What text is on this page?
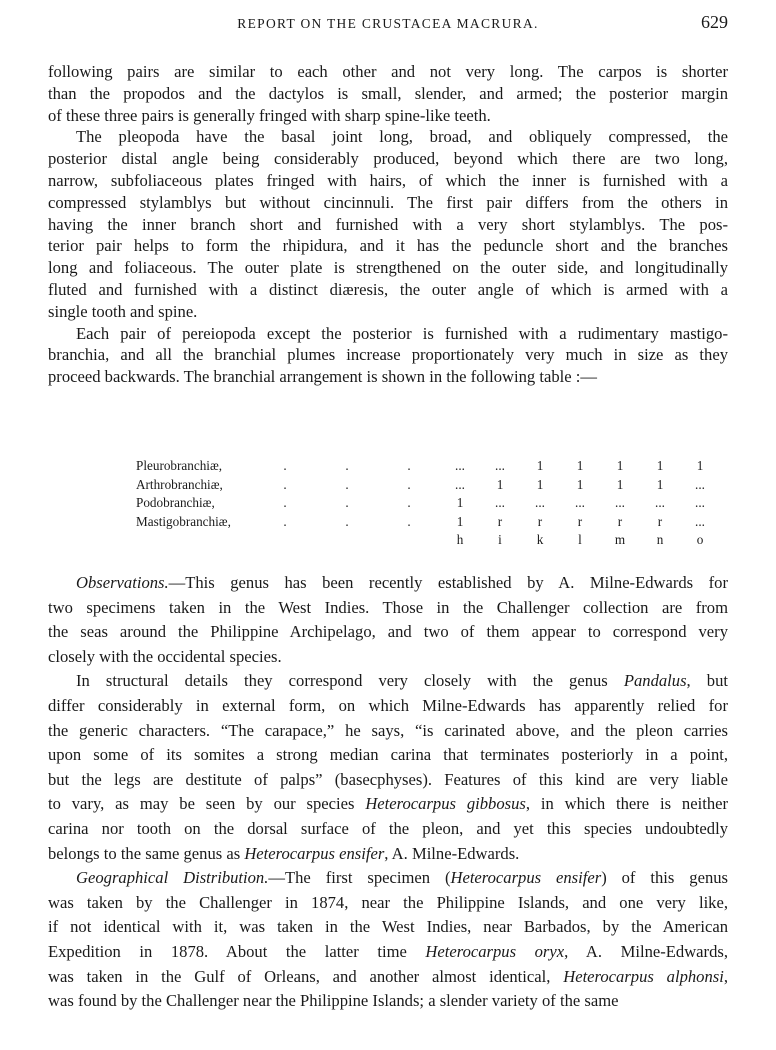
REPORT ON THE CRUSTACEA MACRURA.	629
following pairs are similar to each other and not very long. The carpos is shorter
than the propodos and the dactylos is small, slender, and armed; the posterior margin
of these three pairs is generally fringed with sharp spine-like teeth.
The pleopoda have the basal joint long, broad, and obliquely compressed, the
posterior distal angle being considerably produced, beyond which there are two long,
narrow, subfoliaceous plates fringed with hairs, of which the inner is furnished with a
compressed stylamblys but without cincinnuli. The first pair differs from the others in
having the inner branch short and furnished with a very short stylamblys. The pos-
terior pair helps to form the rhipidura, and it has the peduncle short and the branches
long and foliaceous. The outer plate is strengthened on the outer side, and longitudinally
fluted and furnished with a distinct diæresis, the outer angle of which is armed with a
single tooth and spine.
Each pair of pereiopoda except the posterior is furnished with a rudimentary mastigo-
branchia, and all the branchial plumes increase proportionately very much in size as they
proceed backwards. The branchial arrangement is shown in the following table :—
Pleurobranchiæ,	.	.	.	...	...	1	1	1	1	1
Arthrobranchiæ,	.	.	.	...	1	1	1	1	1	...
Podobranchiæ,	.	.	.	1	...	...	...	...	...	...
Mastigobranchiæ,	.	.	.	1	r	r	r	r	r	...
				h	i	k	l	m	n	o
Observations.—This genus has been recently established by A. Milne-Edwards for
two specimens taken in the West Indies. Those in the Challenger collection are from
the seas around the Philippine Archipelago, and two of them appear to correspond very
closely with the occidental species.
In structural details they correspond very closely with the genus Pandalus, but
differ considerably in external form, on which Milne-Edwards has apparently relied for
the generic characters. “The carapace,” he says, “is carinated above, and the pleon carries
upon some of its somites a strong median carina that terminates posteriorly in a point,
but the legs are destitute of palps” (basecphyses). Features of this kind are very liable
to vary, as may be seen by our species Heterocarpus gibbosus, in which there is neither
carina nor tooth on the dorsal surface of the pleon, and yet this species undoubtedly
belongs to the same genus as Heterocarpus ensifer, A. Milne-Edwards.
Geographical Distribution.—The first specimen (Heterocarpus ensifer) of this genus
was taken by the Challenger in 1874, near the Philippine Islands, and one very like,
if not identical with it, was taken in the West Indies, near Barbados, by the American
Expedition in 1878. About the latter time Heterocarpus oryx, A. Milne-Edwards,
was taken in the Gulf of Orleans, and another almost identical, Heterocarpus alphonsi,
was found by the Challenger near the Philippine Islands; a slender variety of the same
